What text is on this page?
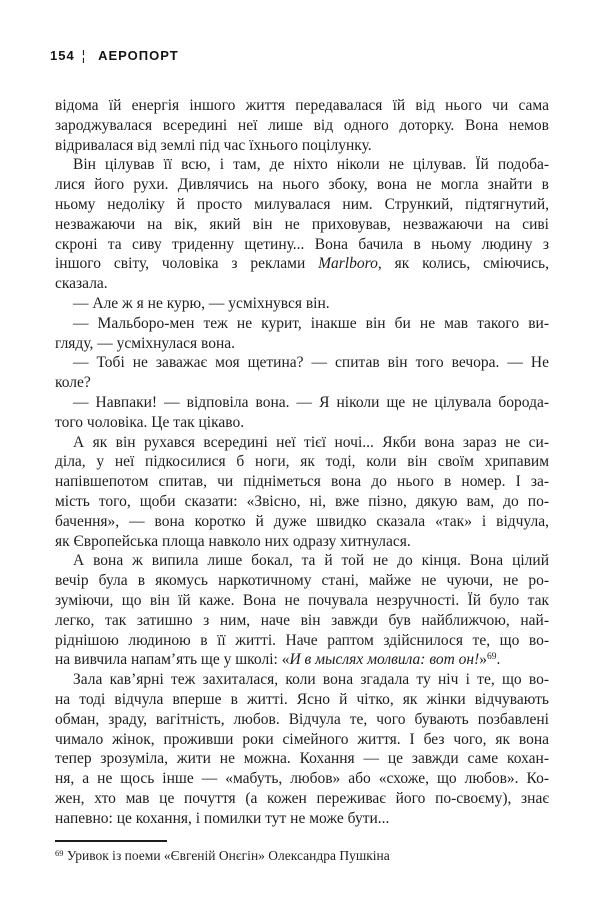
154 ¦ АЕРОПОРТ
відома їй енергія іншого життя передавалася їй від нього чи сама
зароджувалася всередині неї лише від одного доторку. Вона немов
відривалася від землі під час їхнього поцілунку.
Він цілував її всю, і там, де ніхто ніколи не цілував. Їй подоба-
лися його рухи. Дивлячись на нього збоку, вона не могла знайти в
ньому недоліку й просто милувалася ним. Стрункий, підтягнутий,
незважаючи на вік, який він не приховував, незважаючи на сиві
скроні та сиву триденну щетину... Вона бачила в ньому людину з
іншого світу, чоловіка з реклами Marlboro, як колись, сміючись,
сказала.
— Але ж я не курю, — усміхнувся він.
— Мальборо-мен теж не курит, інакше він би не мав такого ви-
гляду, — усміхнулася вона.
— Тобі не заважає моя щетина? — спитав він того вечора. — Не
коле?
— Навпаки! — відповіла вона. — Я ніколи ще не цілувала борода-
того чоловіка. Це так цікаво.
А як він рухався всередині неї тієї ночі... Якби вона зараз не си-
діла, у неї підкосилися б ноги, як тоді, коли він своїм хрипавим
напівшепотом спитав, чи підніметься вона до нього в номер. І за-
мість того, щоби сказати: «Звісно, ні, вже пізно, дякую вам, до по-
бачення», — вона коротко й дуже швидко сказала «так» і відчула,
як Європейська площа навколо них одразу хитнулася.
А вона ж випила лише бокал, та й той не до кінця. Вона цілий
вечір була в якомусь наркотичному стані, майже не чуючи, не ро-
зуміючи, що він їй каже. Вона не почувала незручності. Їй було так
легко, так затишно з ним, наче він завжди був найближчою, най-
ріднішою людиною в її житті. Наче раптом здійснилося те, що во-
на вивчила напам’ять ще у школі: «И в мыслях молвила: вот он!»$^{69}$.
Зала кав’ярні теж захиталася, коли вона згадала ту ніч і те, що во-
на тоді відчула вперше в житті. Ясно й чітко, як жінки відчувають
обман, зраду, вагітність, любов. Відчула те, чого бувають позбавлені
чимало жінок, проживши роки сімейного життя. І без чого, як вона
тепер зрозуміла, жити не можна. Кохання — це завжди саме кохан-
ня, а не щось інше — «мабуть, любов» або «схоже, що любов». Ко-
жен, хто мав це почуття (а кожен переживає його по-своєму), знає
напевно: це кохання, і помилки тут не може бути...
$^{69}$ Уривок із поеми «Євгеній Онєгін» Олександра Пушкіна
